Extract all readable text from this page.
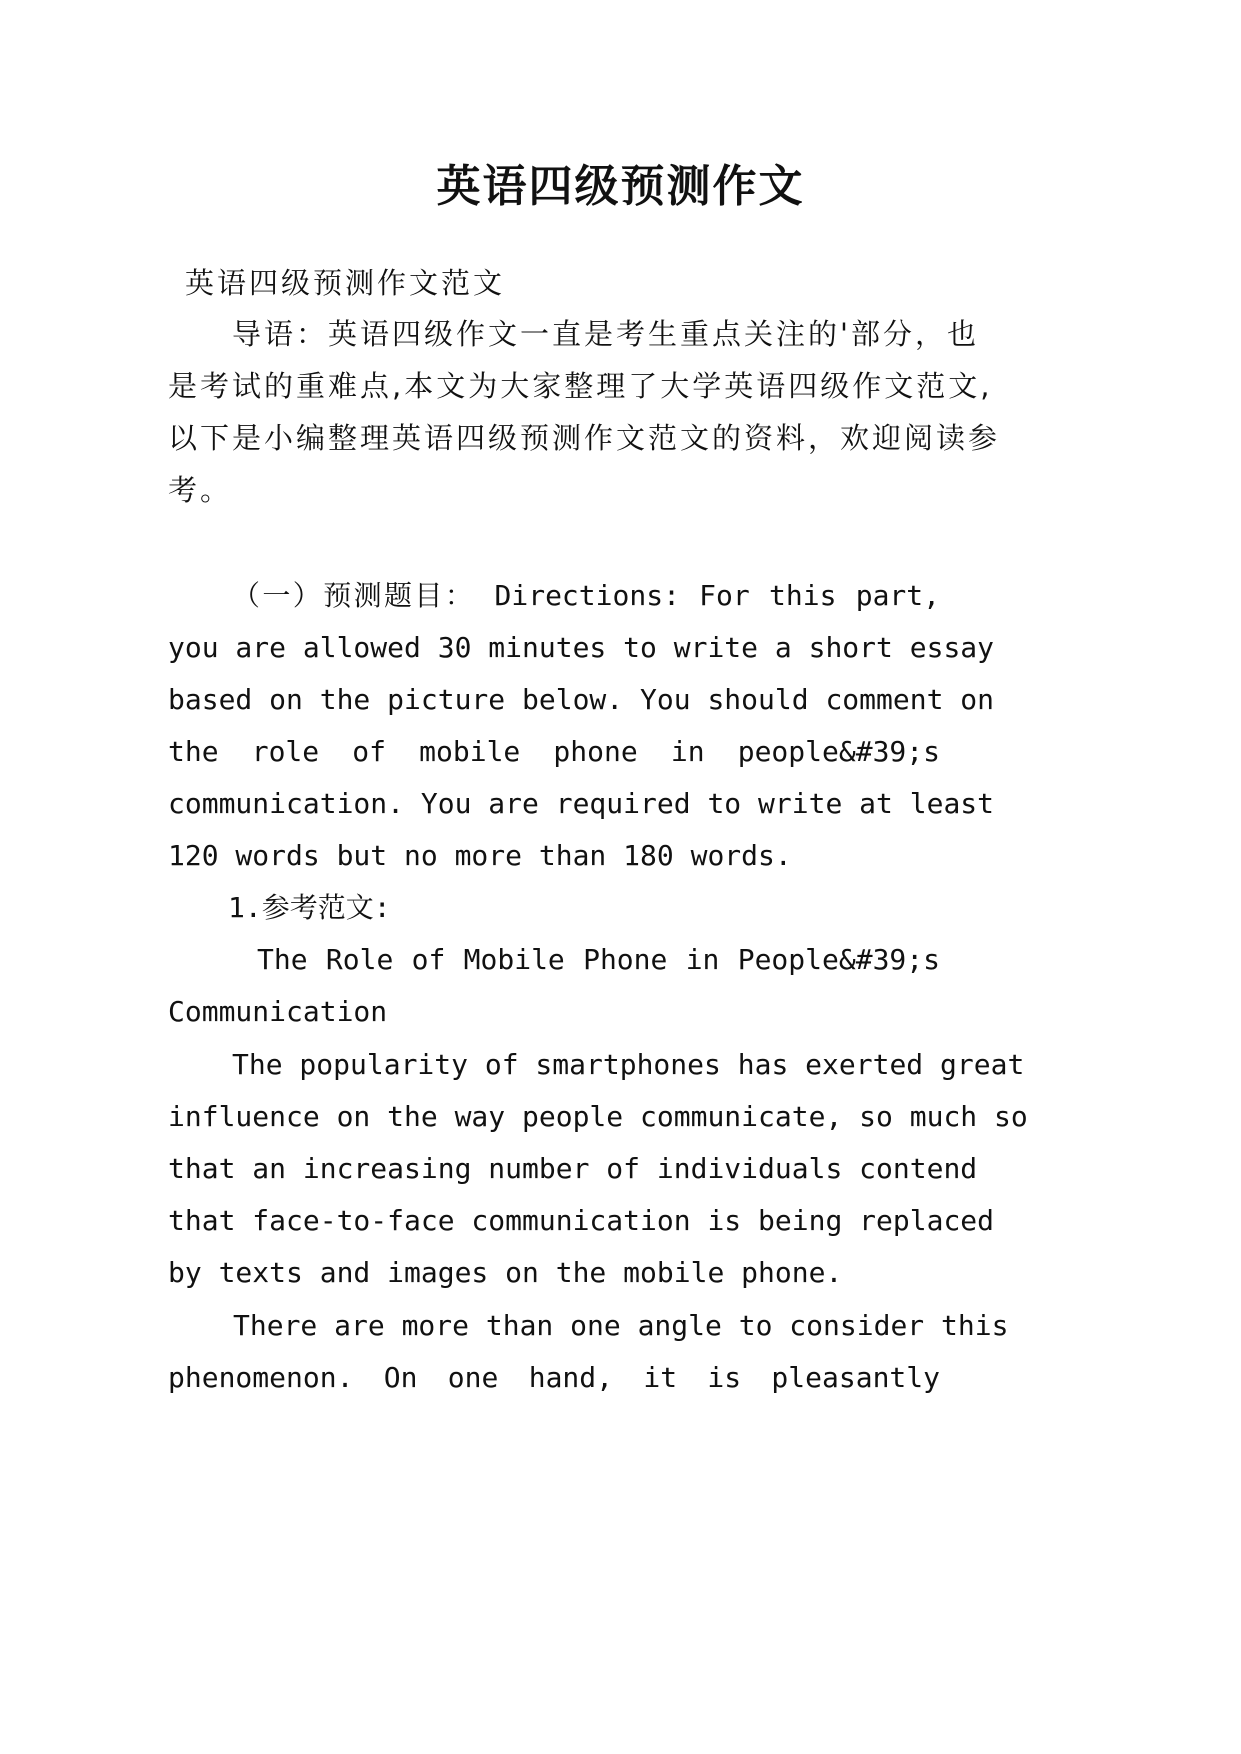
英语四级预测作文

英语四级预测作文范文

导语：英语四级作文一直是考生重点关注的'部分，也

是考试的重难点,本文为大家整理了大学英语四级作文范文,

以下是小编整理英语四级预测作文范文的资料，欢迎阅读参

考。

（一）预测题目： Directions: For this part,

you are allowed 30 minutes to write a short essay

based on the picture below. You should comment on

the role of mobile phone in people&#39;s

communication. You are required to write at least

120 words but no more than 180 words.

1.参考范文:

The Role of Mobile Phone in People&#39;s

Communication

The popularity of smartphones has exerted great

influence on the way people communicate, so much so

that an increasing number of individuals contend

that face-to-face communication is being replaced

by texts and images on the mobile phone.

There are more than one angle to consider this

phenomenon. On one hand, it is pleasantly
